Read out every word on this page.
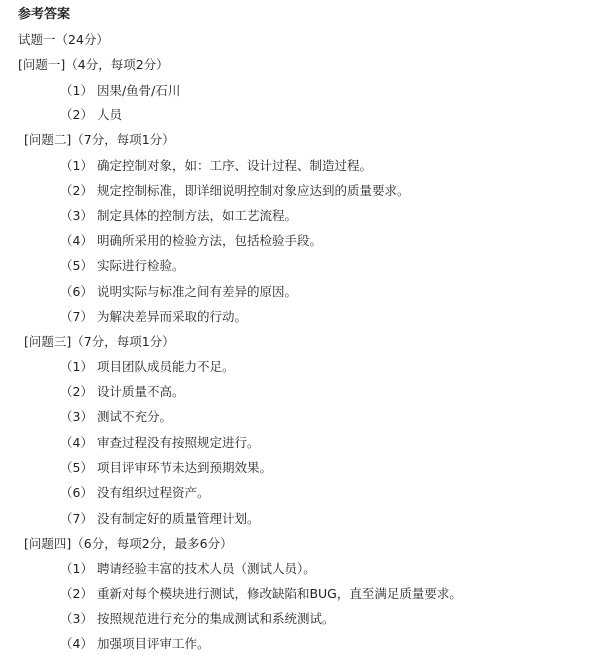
参考答案
试题一（24分）
[问题一]（4分，每项2分）
（1） 因果/鱼骨/石川
（2） 人员
[问题二]（7分，每项1分）
（1） 确定控制对象，如：工序、设计过程、制造过程。
（2） 规定控制标准，即详细说明控制对象应达到的质量要求。
（3） 制定具体的控制方法，如工艺流程。
（4） 明确所采用的检验方法，包括检验手段。
（5） 实际进行检验。
（6） 说明实际与标准之间有差异的原因。
（7） 为解决差异而采取的行动。
[问题三]（7分，每项1分）
（1） 项目团队成员能力不足。
（2） 设计质量不高。
（3） 测试不充分。
（4） 审查过程没有按照规定进行。
（5） 项目评审环节未达到预期效果。
（6） 没有组织过程资产。
（7） 没有制定好的质量管理计划。
[问题四]（6分，每项2分，最多6分）
（1） 聘请经验丰富的技术人员（测试人员）。
（2） 重新对每个模块进行测试，修改缺陷和BUG，直至满足质量要求。
（3） 按照规范进行充分的集成测试和系统测试。
（4） 加强项目评审工作。
